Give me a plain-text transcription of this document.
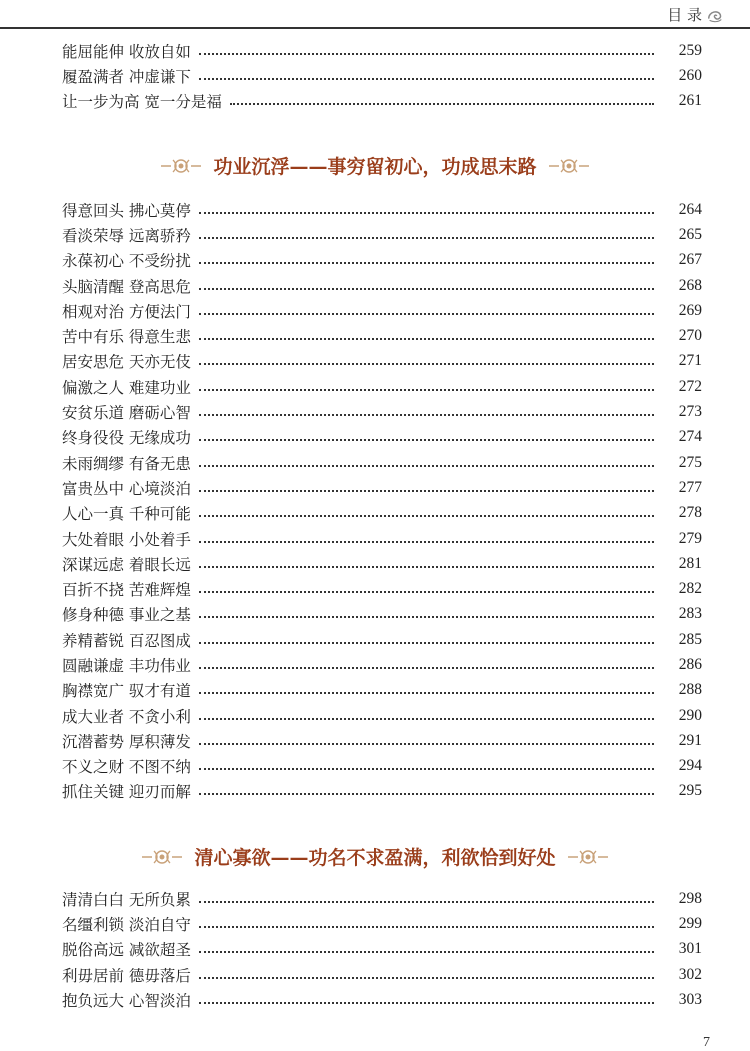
目 录
能屈能伸 收放自如	259
履盈满者 冲虚谦下	260
让一步为高 宽一分是福	261
功业沉浮——事穷留初心，功成思末路
得意回头 拂心莫停	264
看淡荣辱 远离骄矜	265
永葆初心 不受纷扰	267
头脑清醒 登高思危	268
相观对治 方便法门	269
苦中有乐 得意生悲	270
居安思危 天亦无伎	271
偏激之人 难建功业	272
安贫乐道 磨砺心智	273
终身役役 无缘成功	274
未雨绸缪 有备无患	275
富贵丛中 心境淡泊	277
人心一真 千种可能	278
大处着眼 小处着手	279
深谋远虑 着眼长远	281
百折不挠 苦难辉煌	282
修身种德 事业之基	283
养精蓄锐 百忍图成	285
圆融谦虚 丰功伟业	286
胸襟宽广 驭才有道	288
成大业者 不贪小利	290
沉潜蓄势 厚积薄发	291
不义之财 不图不纳	294
抓住关键 迎刃而解	295
清心寡欲——功名不求盈满，利欲恰到好处
清清白白 无所负累	298
名缰利锁 淡泊自守	299
脱俗高远 减欲超圣	301
利毋居前 德毋落后	302
抱负远大 心智淡泊	303
7
